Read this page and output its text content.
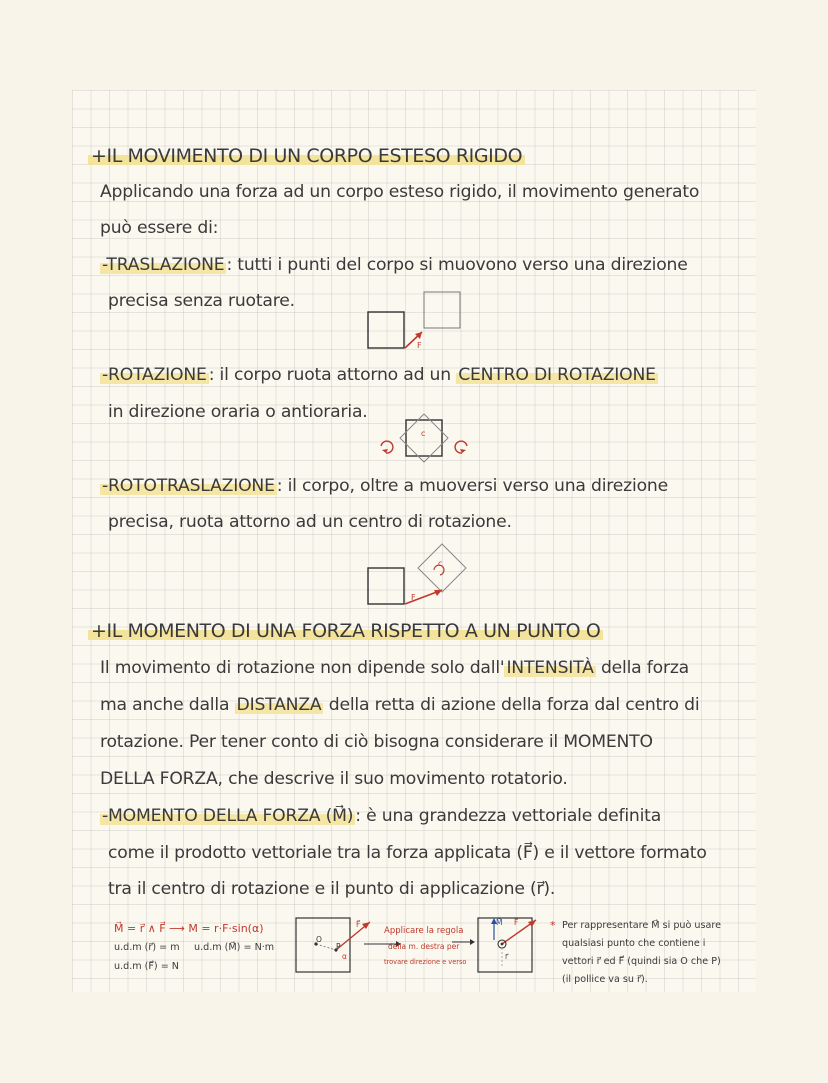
+IL MOVIMENTO DI UN CORPO ESTESO RIGIDO
Applicando una forza ad un corpo esteso rigido, il movimento generato
può essere di:
-TRASLAZIONE : tutti i punti del corpo si muovono verso una direzione
precisa senza ruotare.
F
-ROTAZIONE : il corpo ruota attorno ad un CENTRO DI ROTAZIONE
in direzione oraria o antioraria.
c
-ROTOTRASLAZIONE : il corpo, oltre a muoversi verso una direzione
precisa, ruota attorno ad un centro di rotazione.
c
F
+IL MOMENTO DI UNA FORZA RISPETTO A UN PUNTO O
Il movimento di rotazione non dipende solo dall' INTENSITÀ della forza
ma anche dalla DISTANZA della retta di azione della forza dal centro di
rotazione. Per tener conto di ciò bisogna considerare il MOMENTO
DELLA FORZA, che descrive il suo movimento rotatorio.
-MOMENTO DELLA FORZA (M⃗) : è una grandezza vettoriale definita
come il prodotto vettoriale tra la forza applicata (F⃗) e il vettore formato
tra il centro di rotazione e il punto di applicazione (r⃗).
M⃗ = r⃗ ∧ F⃗ ⟶ M = r·F·sin(α)
u.d.m (r⃗) = m u.d.m (M⃗) = N·m
u.d.m (F⃗) = N
O
P
F⃗
α
Applicare la regola
della m. destra per
trovare direzione e verso
M⃗ F⃗
r⃗
* Per rappresentare M⃗ si può usare
qualsiasi punto che contiene i
vettori r⃗ ed F⃗ (quindi sia O che P)
(il pollice va su r⃗).
